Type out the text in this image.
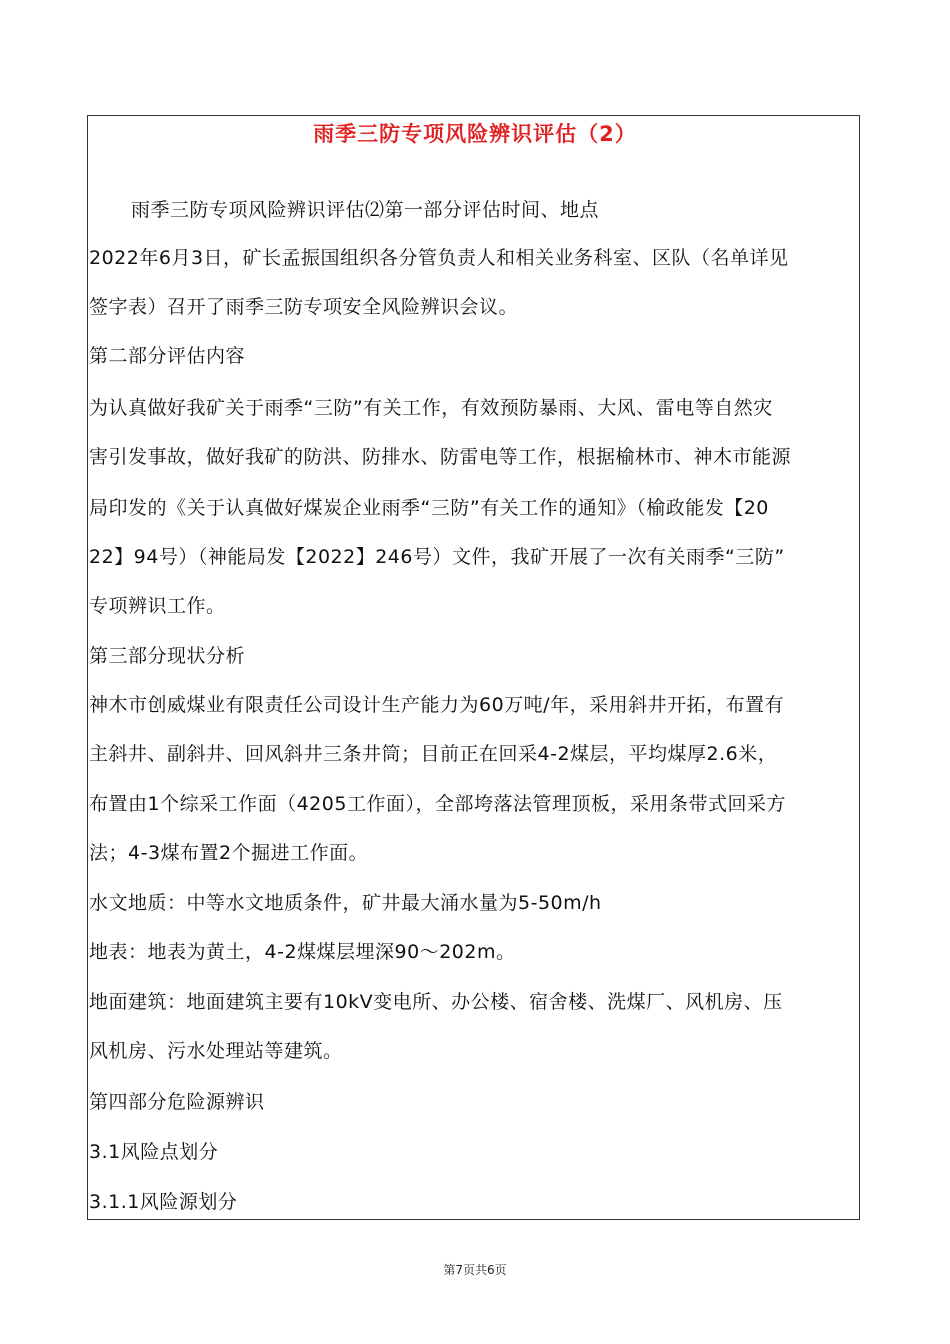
雨季三防专项风险辨识评估（2）
雨季三防专项风险辨识评估⑵第一部分评估时间、地点
2022年6月3日，矿长孟振国组织各分管负责人和相关业务科室、区队（名单详见
签字表）召开了雨季三防专项安全风险辨识会议。
第二部分评估内容
为认真做好我矿关于雨季“三防”有关工作，有效预防暴雨、大风、雷电等自然灾
害引发事故，做好我矿的防洪、防排水、防雷电等工作，根据榆林市、神木市能源
局印发的《关于认真做好煤炭企业雨季“三防”有关工作的通知》（榆政能发【20
22】94号）（神能局发【2022】246号）文件，我矿开展了一次有关雨季“三防”
专项辨识工作。
第三部分现状分析
神木市创威煤业有限责任公司设计生产能力为60万吨/年，采用斜井开拓，布置有
主斜井、副斜井、回风斜井三条井筒；目前正在回采4-2煤层，平均煤厚2.6米，
布置由1个综采工作面（4205工作面），全部垮落法管理顶板，采用条带式回采方
法；4-3煤布置2个掘进工作面。
水文地质：中等水文地质条件，矿井最大涌水量为5-50m/h
地表：地表为黄土，4-2煤煤层埋深90〜202m。
地面建筑：地面建筑主要有10kV变电所、办公楼、宿舍楼、洗煤厂、风机房、压
风机房、污水处理站等建筑。
第四部分危险源辨识
3.1风险点划分
3.1.1风险源划分
第7页共6页
